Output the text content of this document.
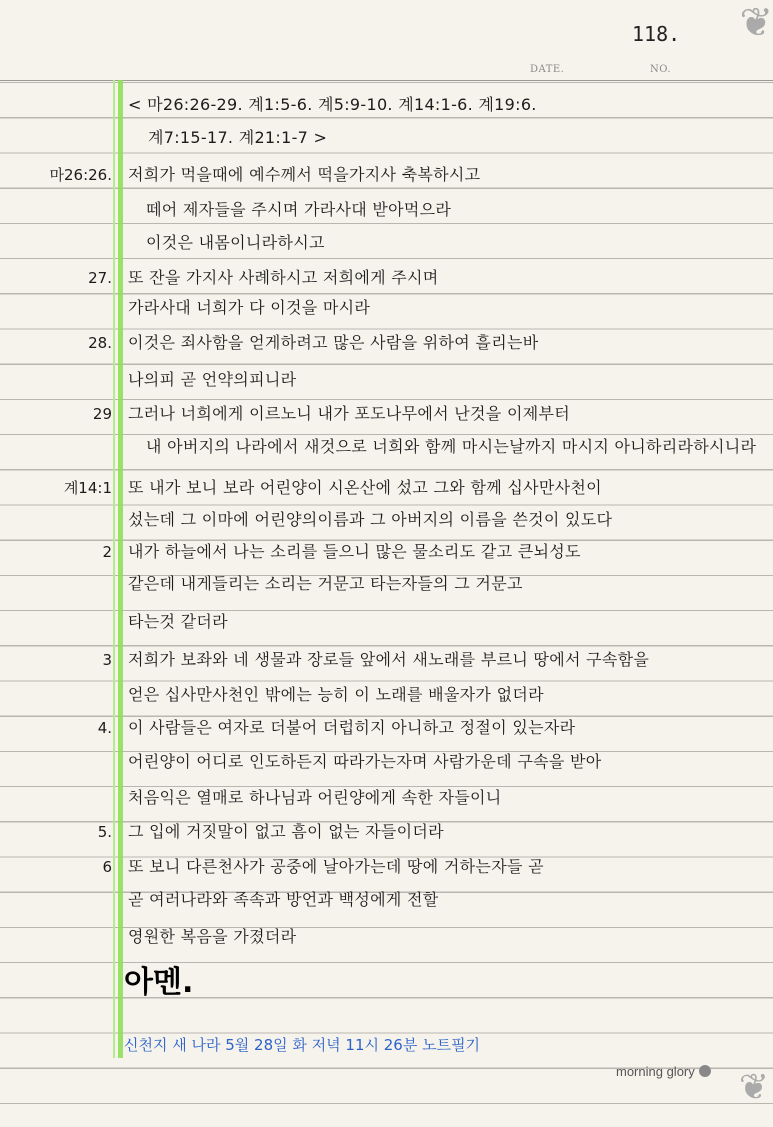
118.
DATE.	NO.
❦
❦
< 마26:26-29. 계1:5-6. 계5:9-10. 계14:1-6. 계19:6.
계7:15-17. 계21:1-7 >
마26:26. 저희가 먹을때에 예수께서 떡을가지사 축복하시고
떼어 제자들을 주시며 가라사대 받아먹으라
이것은 내몸이니라하시고
27. 또 잔을 가지사 사례하시고 저희에게 주시며
가라사대 너희가 다 이것을 마시라
28. 이것은 죄사함을 얻게하려고 많은 사람을 위하여 흘리는바
나의피 곧 언약의피니라
29 그러나 너희에게 이르노니 내가 포도나무에서 난것을 이제부터
내 아버지의 나라에서 새것으로 너희와 함께 마시는날까지 마시지 아니하리라하시니라
계14:1 또 내가 보니 보라 어린양이 시온산에 섰고 그와 함께 십사만사천이
섰는데 그 이마에 어린양의이름과 그 아버지의 이름을 쓴것이 있도다
2 내가 하늘에서 나는 소리를 들으니 많은 물소리도 같고 큰뇌성도
같은데 내게들리는 소리는 거문고 타는자들의 그 거문고
타는것 같더라
3 저희가 보좌와 네 생물과 장로들 앞에서 새노래를 부르니 땅에서 구속함을
얻은 십사만사천인 밖에는 능히 이 노래를 배울자가 없더라
4. 이 사람들은 여자로 더불어 더럽히지 아니하고 정절이 있는자라
어린양이 어디로 인도하든지 따라가는자며 사람가운데 구속을 받아
처음익은 열매로 하나님과 어린양에게 속한 자들이니
5. 그 입에 거짓말이 없고 흠이 없는 자들이더라
6 또 보니 다른천사가 공중에 날아가는데 땅에 거하는자들 곧
곧 여러나라와 족속과 방언과 백성에게 전할
영원한 복음을 가졌더라
아멘.
신천지 새 나라 5월 28일 화 저녁 11시 26분 노트필기
morning glory
